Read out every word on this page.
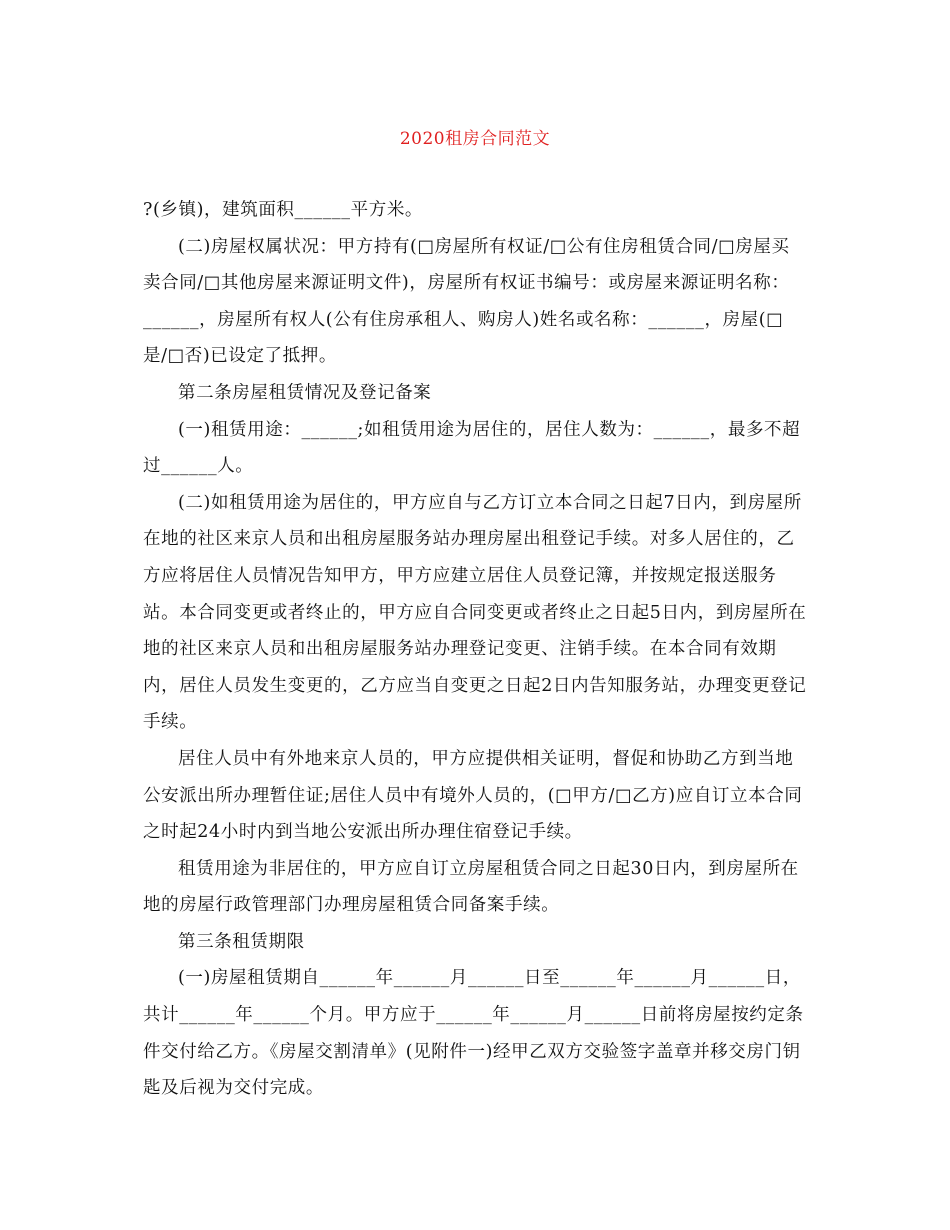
2020租房合同范文

?(乡镇)，建筑面积______平方米。

(二)房屋权属状况：甲方持有(□房屋所有权证/□公有住房租赁合同/□房屋买卖合同/□其他房屋来源证明文件)，房屋所有权证书编号：或房屋来源证明名称：______，房屋所有权人(公有住房承租人、购房人)姓名或名称：______，房屋(□是/□否)已设定了抵押。

第二条房屋租赁情况及登记备案

(一)租赁用途：______;如租赁用途为居住的，居住人数为：______，最多不超过______人。

(二)如租赁用途为居住的，甲方应自与乙方订立本合同之日起7日内，到房屋所在地的社区来京人员和出租房屋服务站办理房屋出租登记手续。对多人居住的，乙方应将居住人员情况告知甲方，甲方应建立居住人员登记簿，并按规定报送服务站。本合同变更或者终止的，甲方应自合同变更或者终止之日起5日内，到房屋所在地的社区来京人员和出租房屋服务站办理登记变更、注销手续。在本合同有效期内，居住人员发生变更的，乙方应当自变更之日起2日内告知服务站，办理变更登记手续。

居住人员中有外地来京人员的，甲方应提供相关证明，督促和协助乙方到当地公安派出所办理暂住证;居住人员中有境外人员的，(□甲方/□乙方)应自订立本合同之时起24小时内到当地公安派出所办理住宿登记手续。

租赁用途为非居住的，甲方应自订立房屋租赁合同之日起30日内，到房屋所在地的房屋行政管理部门办理房屋租赁合同备案手续。

第三条租赁期限

(一)房屋租赁期自______年______月______日至______年______月______日，共计______年______个月。甲方应于______年______月______日前将房屋按约定条件交付给乙方。《房屋交割清单》(见附件一)经甲乙双方交验签字盖章并移交房门钥匙及后视为交付完成。
